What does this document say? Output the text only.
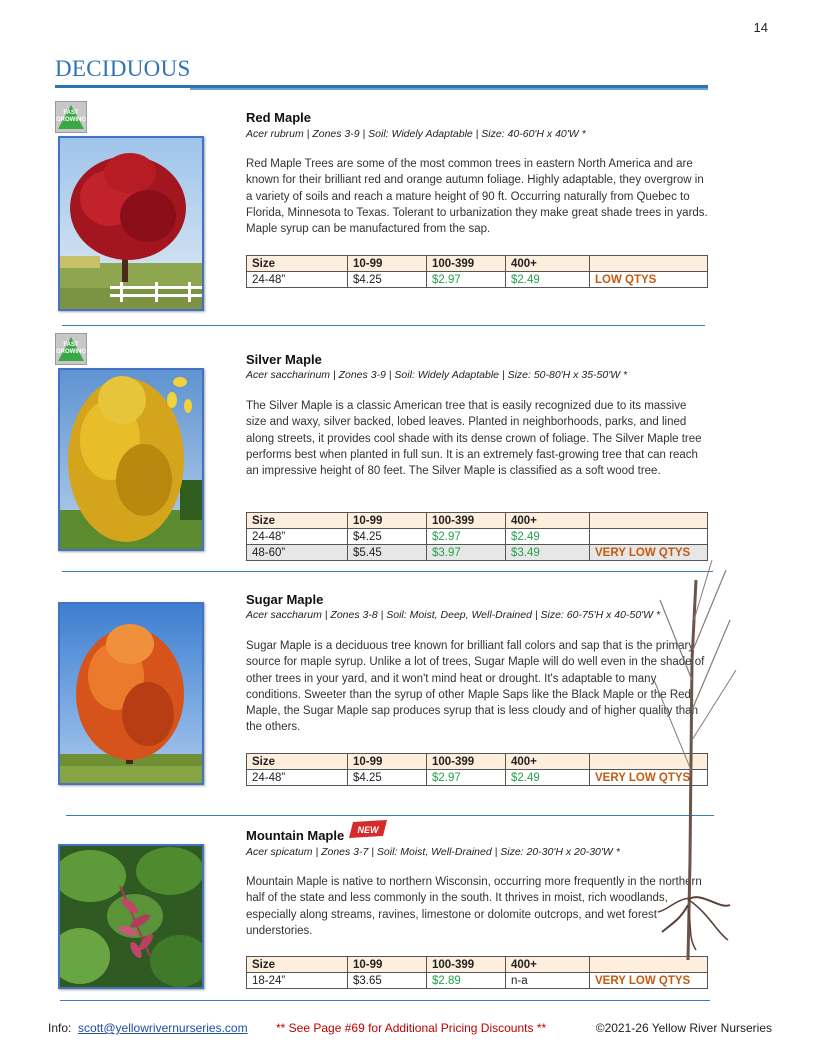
14
DECIDUOUS
FAST
GROWING	Red Maple
Acer rubrum | Zones 3-9 | Soil: Widely Adaptable | Size: 40-60'H x 40'W *
Red Maple Trees are some of the most common trees in eastern North America and are known for their brilliant red and orange autumn foliage. Highly adaptable, they overgrow in a variety of soils and reach a mature height of 90 ft. Occurring naturally from Quebec to Florida, Minnesota to Texas. Tolerant to urbanization they make great shade trees in yards. Maple syrup can be manufactured from the sap.
Size	10-99	100-399	400+	
24-48”	$4.25	$2.97	$2.49	LOW QTYS
FAST
GROWING	Silver Maple
Acer saccharinum | Zones 3-9 | Soil: Widely Adaptable | Size: 50-80'H x 35-50'W *
The Silver Maple is a classic American tree that is easily recognized due to its massive size and waxy, silver backed, lobed leaves. Planted in neighborhoods, parks, and lined along streets, it provides cool shade with its dense crown of foliage. The Silver Maple tree performs best when planted in full sun. It is an extremely fast-growing tree that can reach an impressive height of 80 feet. The Silver Maple is classified as a soft wood tree.
Size	10-99	100-399	400+	
24-48”	$4.25	$2.97	$2.49	
48-60”	$5.45	$3.97	$3.49	VERY LOW QTYS
Sugar Maple
Acer saccharum | Zones 3-8 | Soil: Moist, Deep, Well-Drained | Size: 60-75'H x 40-50'W *
Sugar Maple is a deciduous tree known for brilliant fall colors and sap that is the primary source for maple syrup. Unlike a lot of trees, Sugar Maple will do well even in the shade of other trees in your yard, and it won't mind heat or drought. It's adaptable to many conditions. Sweeter than the syrup of other Maple Saps like the Black Maple or the Red Maple, the Sugar Maple sap produces syrup that is less cloudy and of higher quality than the others.
Size	10-99	100-399	400+	
24-48”	$4.25	$2.97	$2.49	VERY LOW QTYS
Mountain Maple NEW
Acer spicatum | Zones 3-7 | Soil: Moist, Well-Drained | Size: 20-30'H x 20-30'W *
Mountain Maple is native to northern Wisconsin, occurring more frequently in the northern half of the state and less commonly in the south. It thrives in moist, rich woodlands, especially along streams, ravines, limestone or dolomite outcrops, and wet forest understories.
Size	10-99	100-399	400+	
18-24”	$3.65	$2.89	n-a	VERY LOW QTYS
Info: scott@yellowrivernurseries.com ** See Page #69 for Additional Pricing Discounts **	©2021-26 Yellow River Nurseries
